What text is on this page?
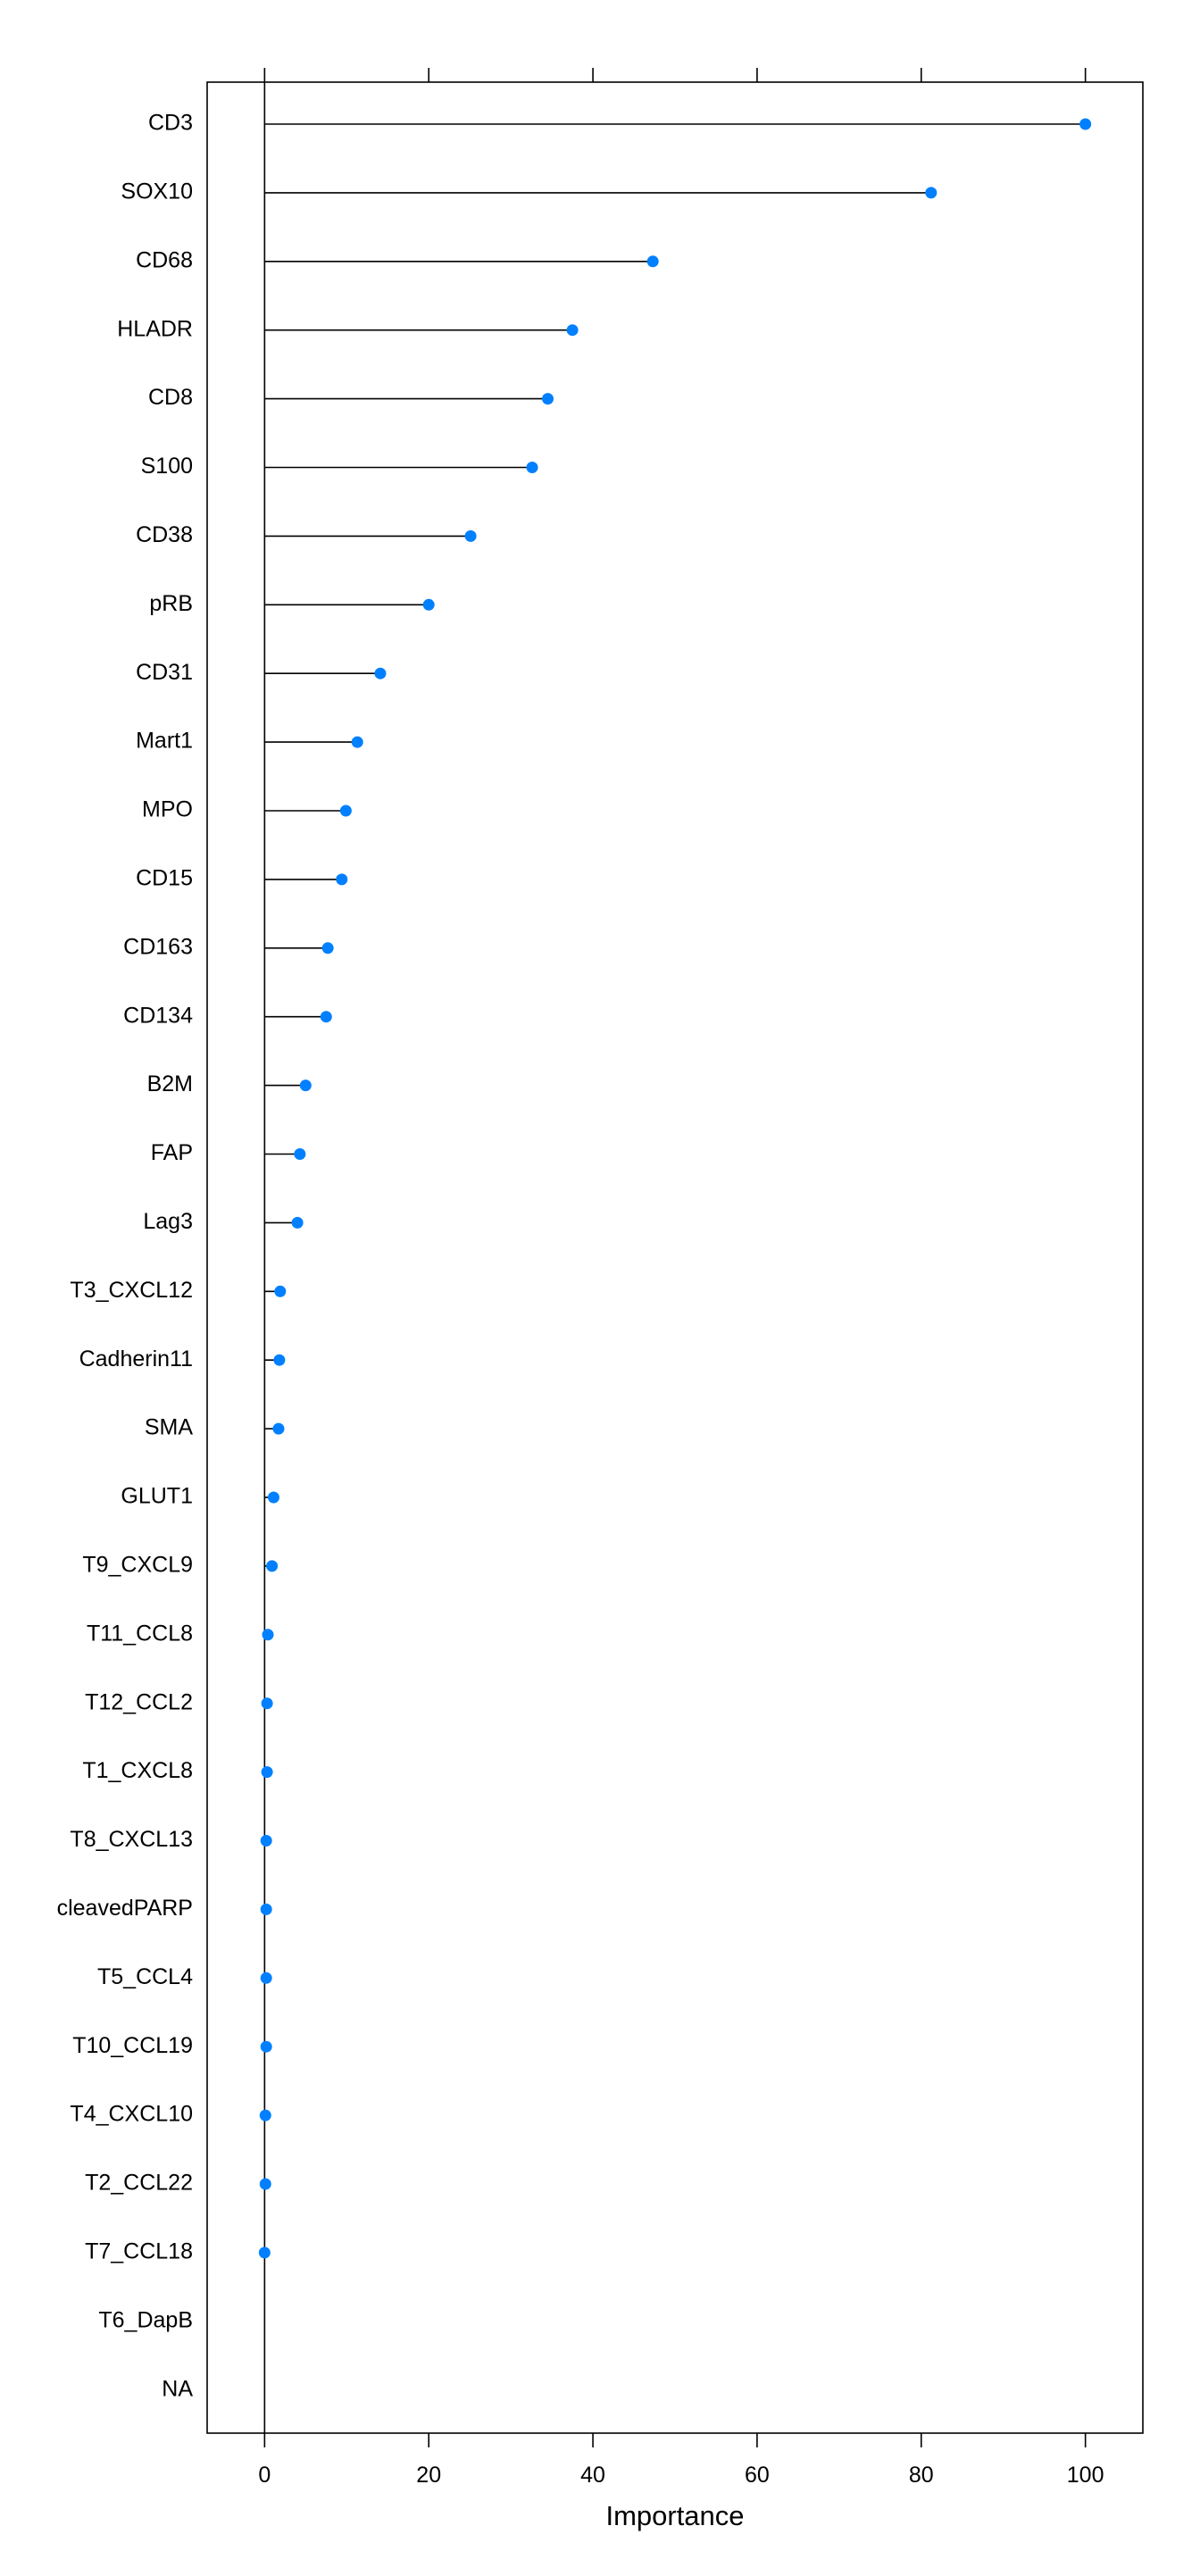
0	20	40	60	80	100
CD3
SOX10
CD68
HLADR
CD8
S100
CD38
pRB
CD31
Mart1
MPO
CD15
CD163
CD134
B2M
FAP
Lag3
T3_CXCL12
Cadherin11
SMA
GLUT1
T9_CXCL9
T11_CCL8
T12_CCL2
T1_CXCL8
T8_CXCL13
cleavedPARP
T5_CCL4
T10_CCL19
T4_CXCL10
T2_CCL22
T7_CCL18
T6_DapB
NA
Importance
